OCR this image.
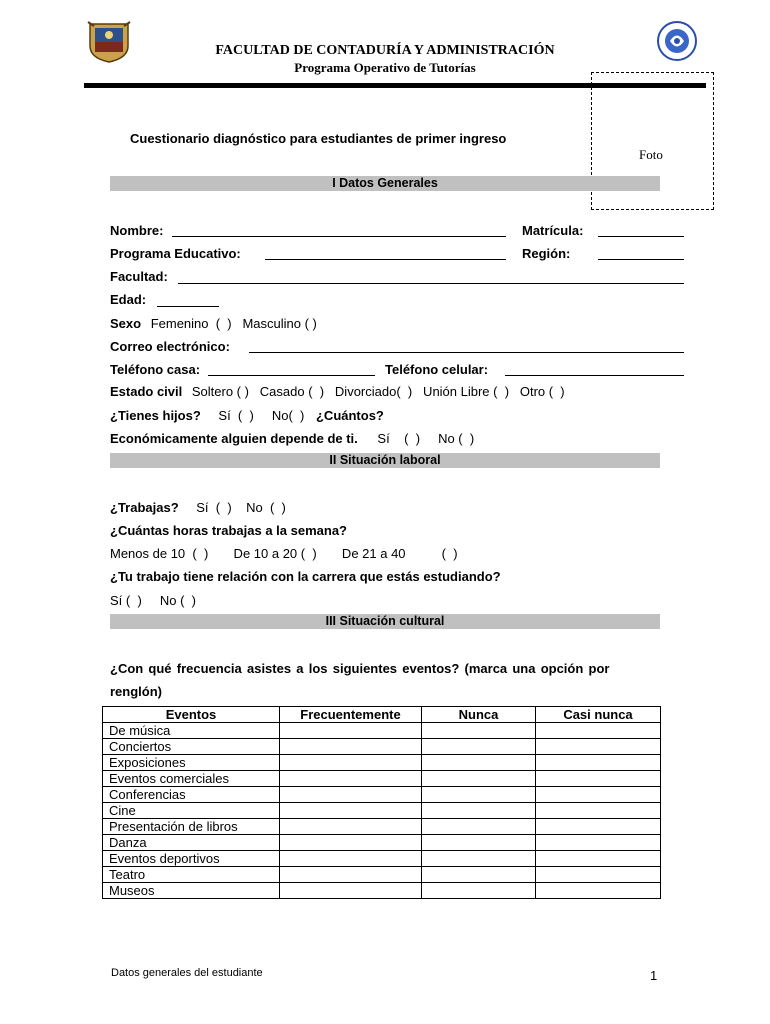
FACULTAD DE CONTADURÍA Y ADMINISTRACIÓN
Programa Operativo de Tutorías
Foto
Cuestionario diagnóstico para estudiantes de primer ingreso
I Datos Generales
Nombre:	Matrícula:
Programa Educativo:	Región:
Facultad:
Edad:
Sexo Femenino  (  )   Masculino ( )
Correo electrónico:
Teléfono casa:	Teléfono celular:
Estado civil Soltero ( )   Casado (  )   Divorciado(  )   Unión Libre (  )   Otro (  )
¿Tienes hijos? Sí  (  )     No(  ) ¿Cuántos?
Económicamente alguien depende de ti. Sí    (  )     No (  )
II Situación laboral
¿Trabajas? Sí  (  )    No  (  )
¿Cuántas horas trabajas a la semana?
Menos de 10  (  )       De 10 a 20 (  )       De 21 a 40          (  )
¿Tu trabajo tiene relación con la carrera que estás estudiando?
Sí (  )     No (  )
III Situación cultural
¿Con qué frecuencia asistes a los siguientes eventos? (marca una opción por
renglón)
Eventos	Frecuentemente	Nunca	Casi nunca
De música			
Conciertos			
Exposiciones			
Eventos comerciales			
Conferencias			
Cine			
Presentación de libros			
Danza			
Eventos deportivos			
Teatro			
Museos			
Datos generales del estudiante	1
